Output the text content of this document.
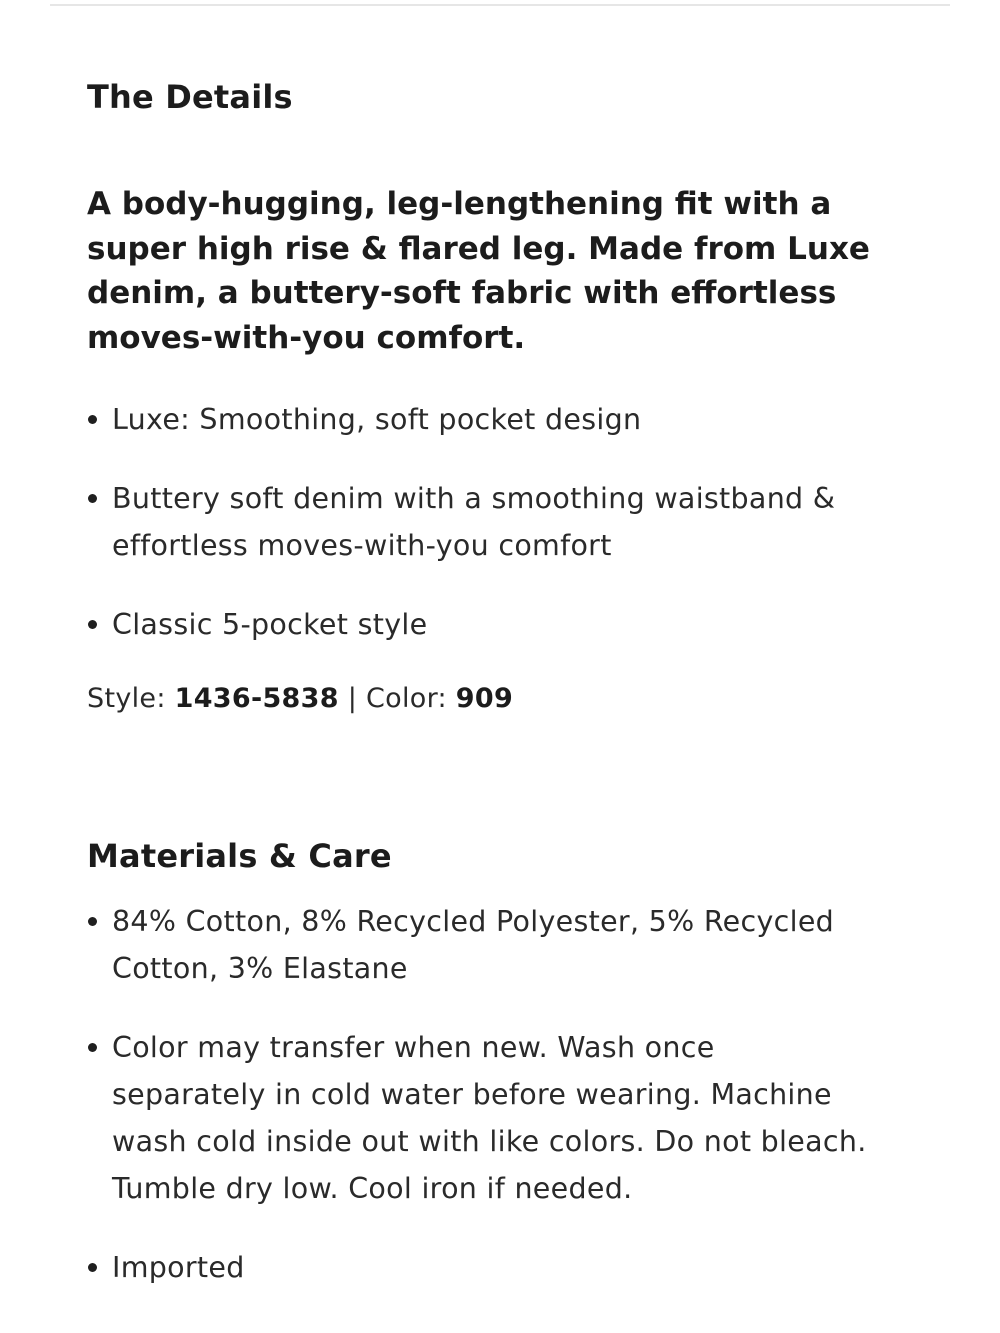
The Details

A body-hugging, leg-lengthening fit with a super high rise & flared leg. Made from Luxe denim, a buttery-soft fabric with effortless moves-with-you comfort.

Luxe: Smoothing, soft pocket design
Buttery soft denim with a smoothing waistband & effortless moves-with-you comfort
Classic 5-pocket style

Style: 1436-5838 | Color: 909

Materials & Care
84% Cotton, 8% Recycled Polyester, 5% Recycled Cotton, 3% Elastane
Color may transfer when new. Wash once separately in cold water before wearing. Machine wash cold inside out with like colors. Do not bleach. Tumble dry low. Cool iron if needed.
Imported
